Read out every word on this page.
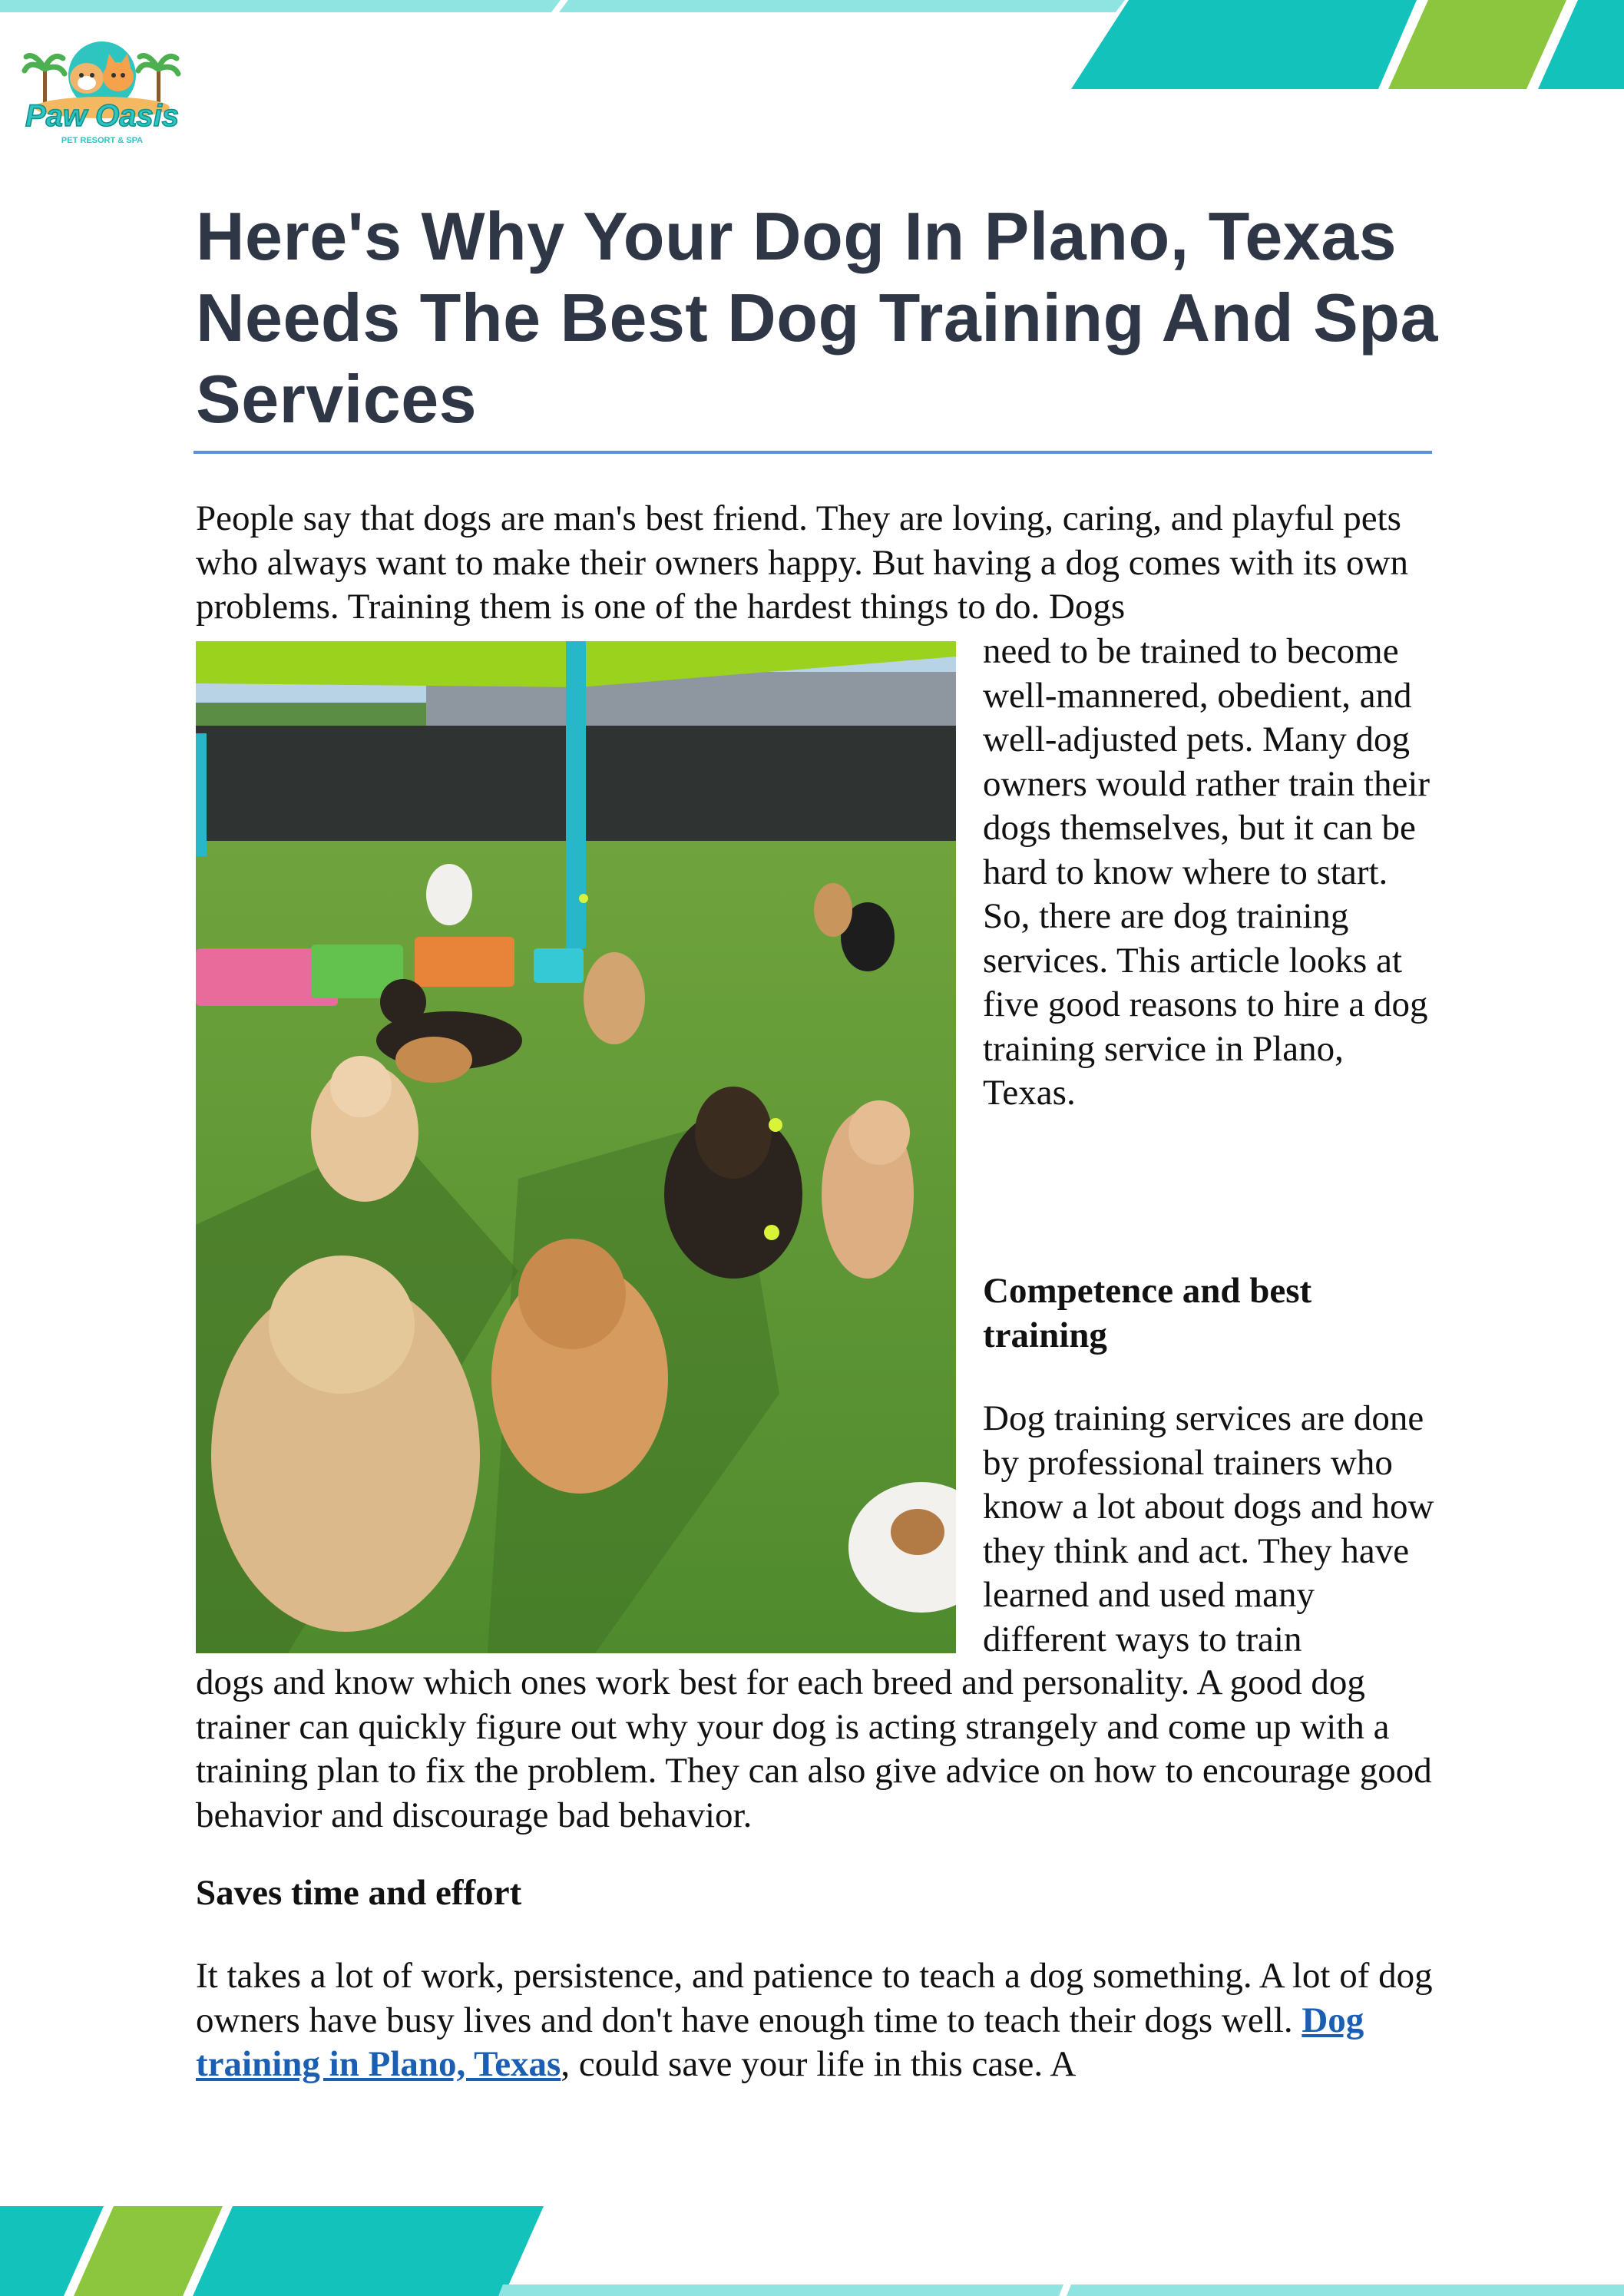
Paw Oasis
PET RESORT & SPA
Here's Why Your Dog In Plano, Texas Needs The Best Dog Training And Spa Services

People say that dogs are man's best friend. They are loving, caring, and playful pets who always want to make their owners happy. But having a dog comes with its own problems. Training them is one of the hardest things to do. Dogs

need to be trained to become well-mannered, obedient, and well-adjusted pets. Many dog owners would rather train their dogs themselves, but it can be hard to know where to start. So, there are dog training services. This article looks at five good reasons to hire a dog training service in Plano, Texas.

Competence and best training

Dog training services are done by professional trainers who know a lot about dogs and how they think and act. They have learned and used many different ways to train

dogs and know which ones work best for each breed and personality. A good dog trainer can quickly figure out why your dog is acting strangely and come up with a training plan to fix the problem. They can also give advice on how to encourage good behavior and discourage bad behavior.

Saves time and effort

It takes a lot of work, persistence, and patience to teach a dog something. A lot of dog owners have busy lives and don't have enough time to teach their dogs well. Dog training in Plano, Texas, could save your life in this case. A
